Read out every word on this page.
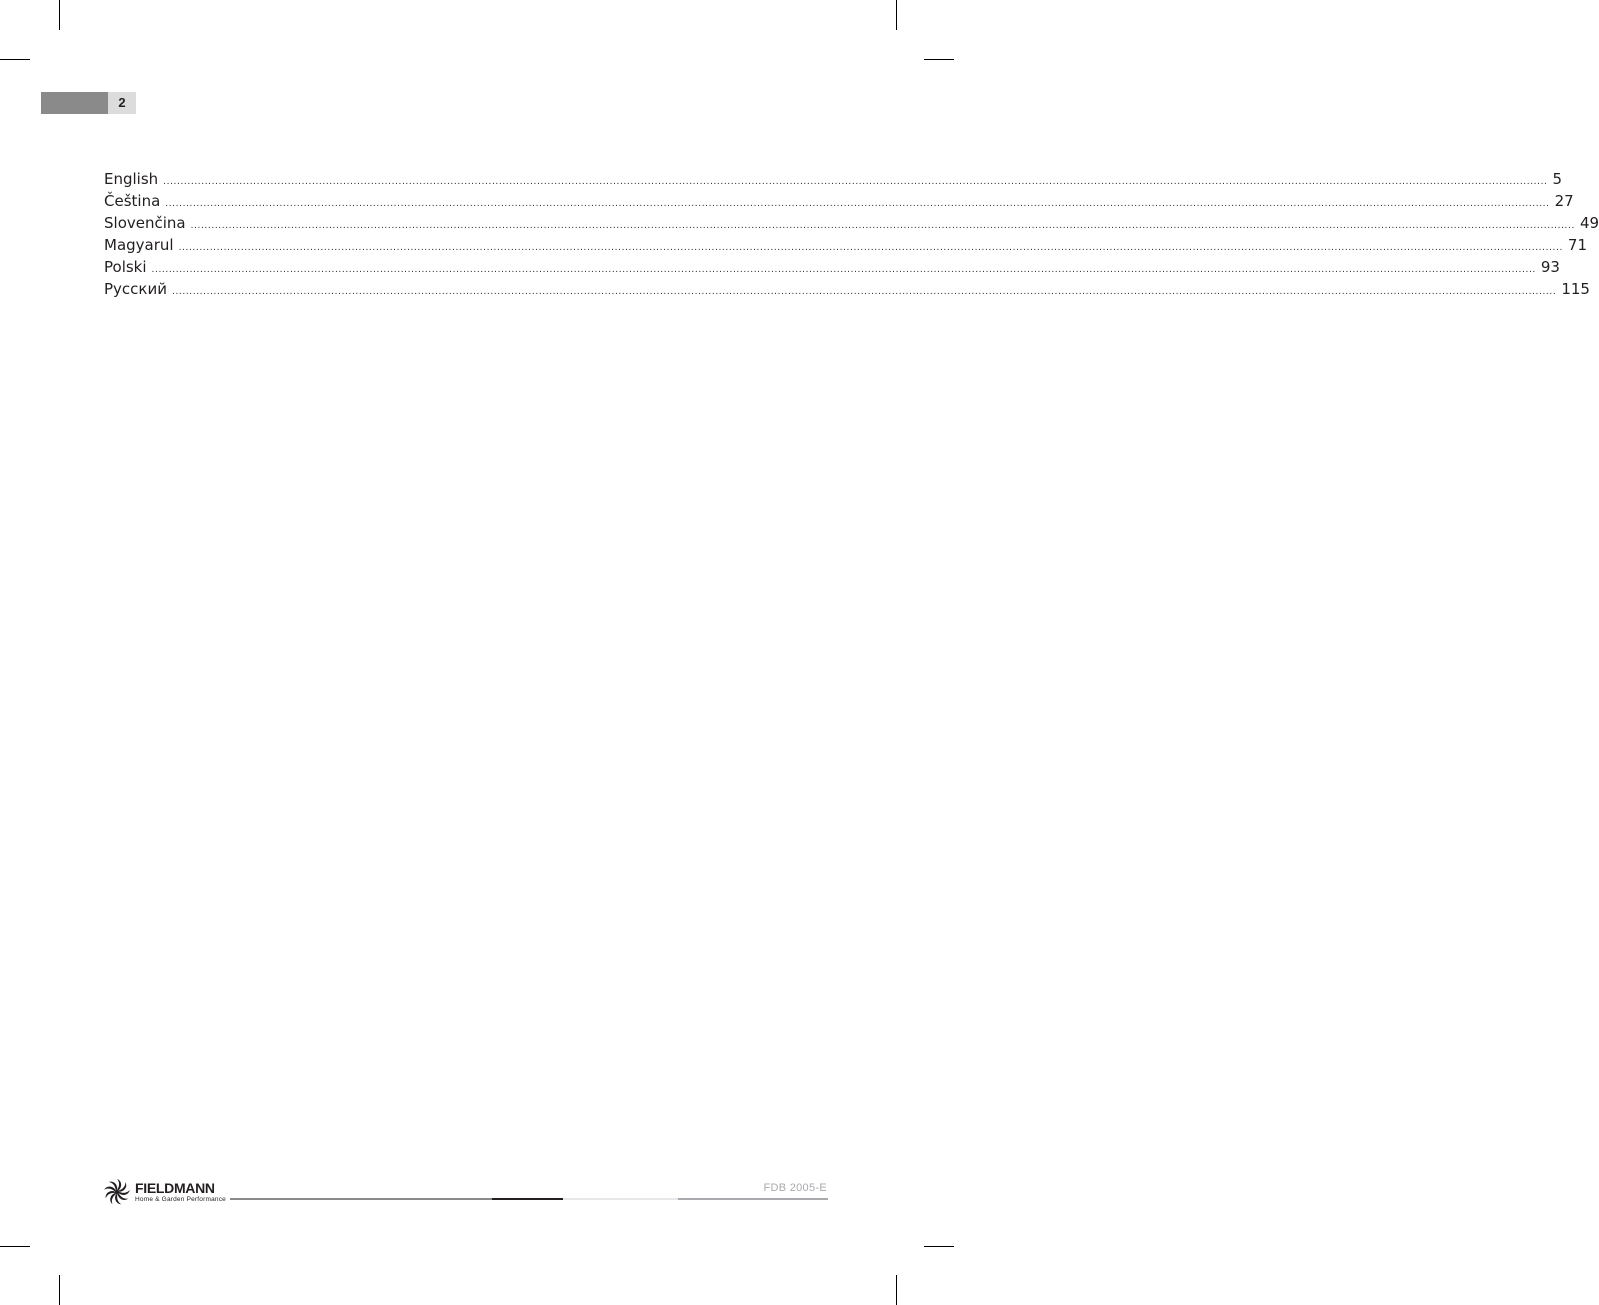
2
English ................................................................................................................................................................................................................................................................................................................................................................................................................ 5
Čeština ................................................................................................................................................................................................................................................................................................................................................................................................................ 27
Slovenčina ................................................................................................................................................................................................................................................................................................................................................................................................................ 49
Magyarul ................................................................................................................................................................................................................................................................................................................................................................................................................ 71
Polski ................................................................................................................................................................................................................................................................................................................................................................................................................ 93
Русский ................................................................................................................................................................................................................................................................................................................................................................................................................ 115
FIELDMANN
Home & Garden Performance
FDB 2005-E
